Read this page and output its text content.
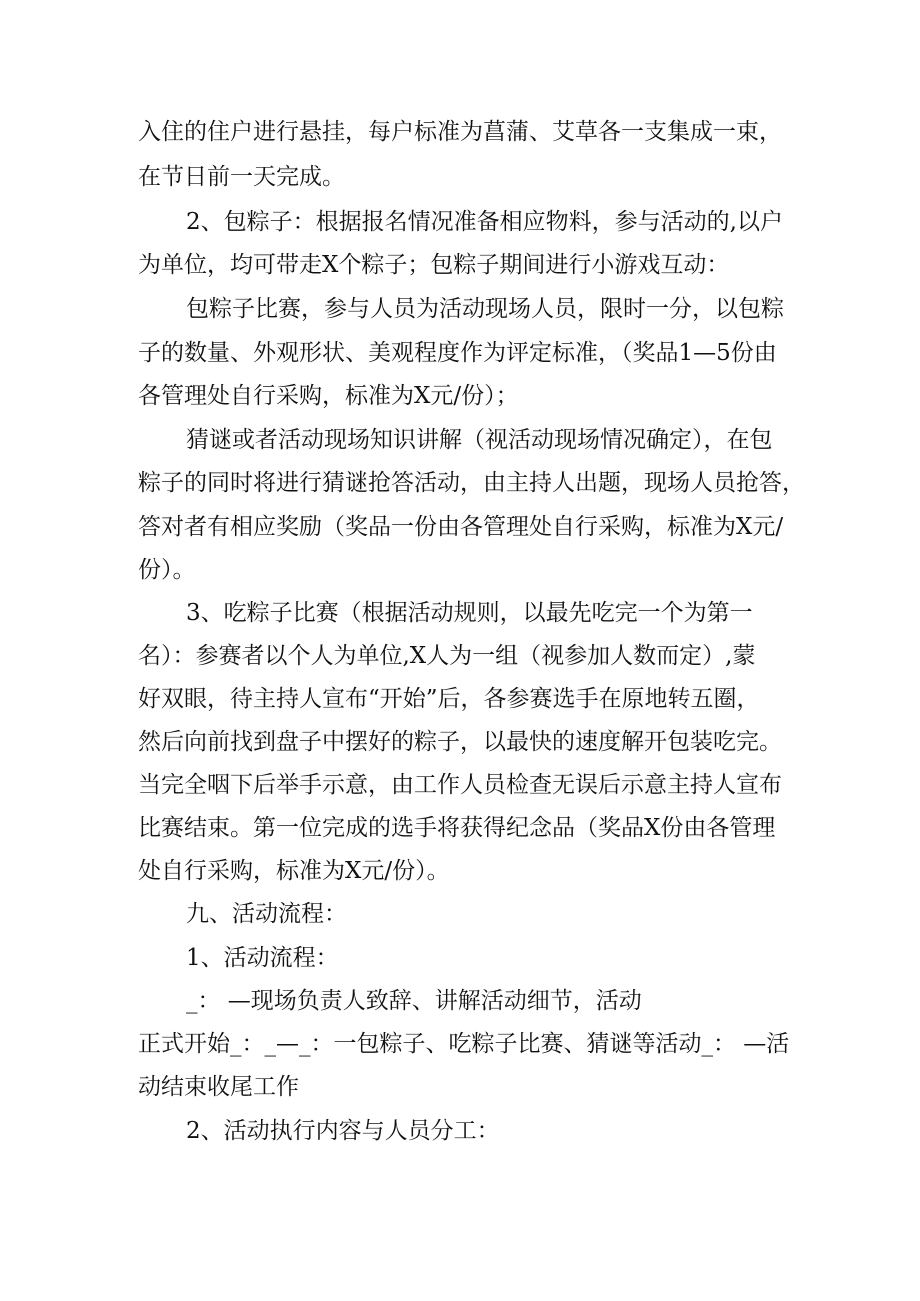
入住的住户进行悬挂，每户标准为菖蒲、艾草各一支集成一束，
在节日前一天完成。
2、包粽子：根据报名情况准备相应物料，参与活动的,以户
为单位，均可带走X个粽子；包粽子期间进行小游戏互动：
包粽子比赛，参与人员为活动现场人员，限时一分，以包粽
子的数量、外观形状、美观程度作为评定标准，（奖品1—5份由
各管理处自行采购，标准为X元/份）；
猜谜或者活动现场知识讲解（视活动现场情况确定），在包
粽子的同时将进行猜谜抢答活动，由主持人出题，现场人员抢答，
答对者有相应奖励（奖品一份由各管理处自行采购，标准为X元/
份）。
3、吃粽子比赛（根据活动规则，以最先吃完一个为第一
名）：参赛者以个人为单位,X人为一组（视参加人数而定）,蒙
好双眼，待主持人宣布“开始”后，各参赛选手在原地转五圈，
然后向前找到盘子中摆好的粽子，以最快的速度解开包装吃完。
当完全咽下后举手示意，由工作人员检查无误后示意主持人宣布
比赛结束。第一位完成的选手将获得纪念品（奖品X份由各管理
处自行采购，标准为X元/份）。
九、活动流程：
1、活动流程：
_： —现场负责人致辞、讲解活动细节，活动
正式开始_：_—_：一包粽子、吃粽子比赛、猜谜等活动_： —活
动结束收尾工作
2、活动执行内容与人员分工：
